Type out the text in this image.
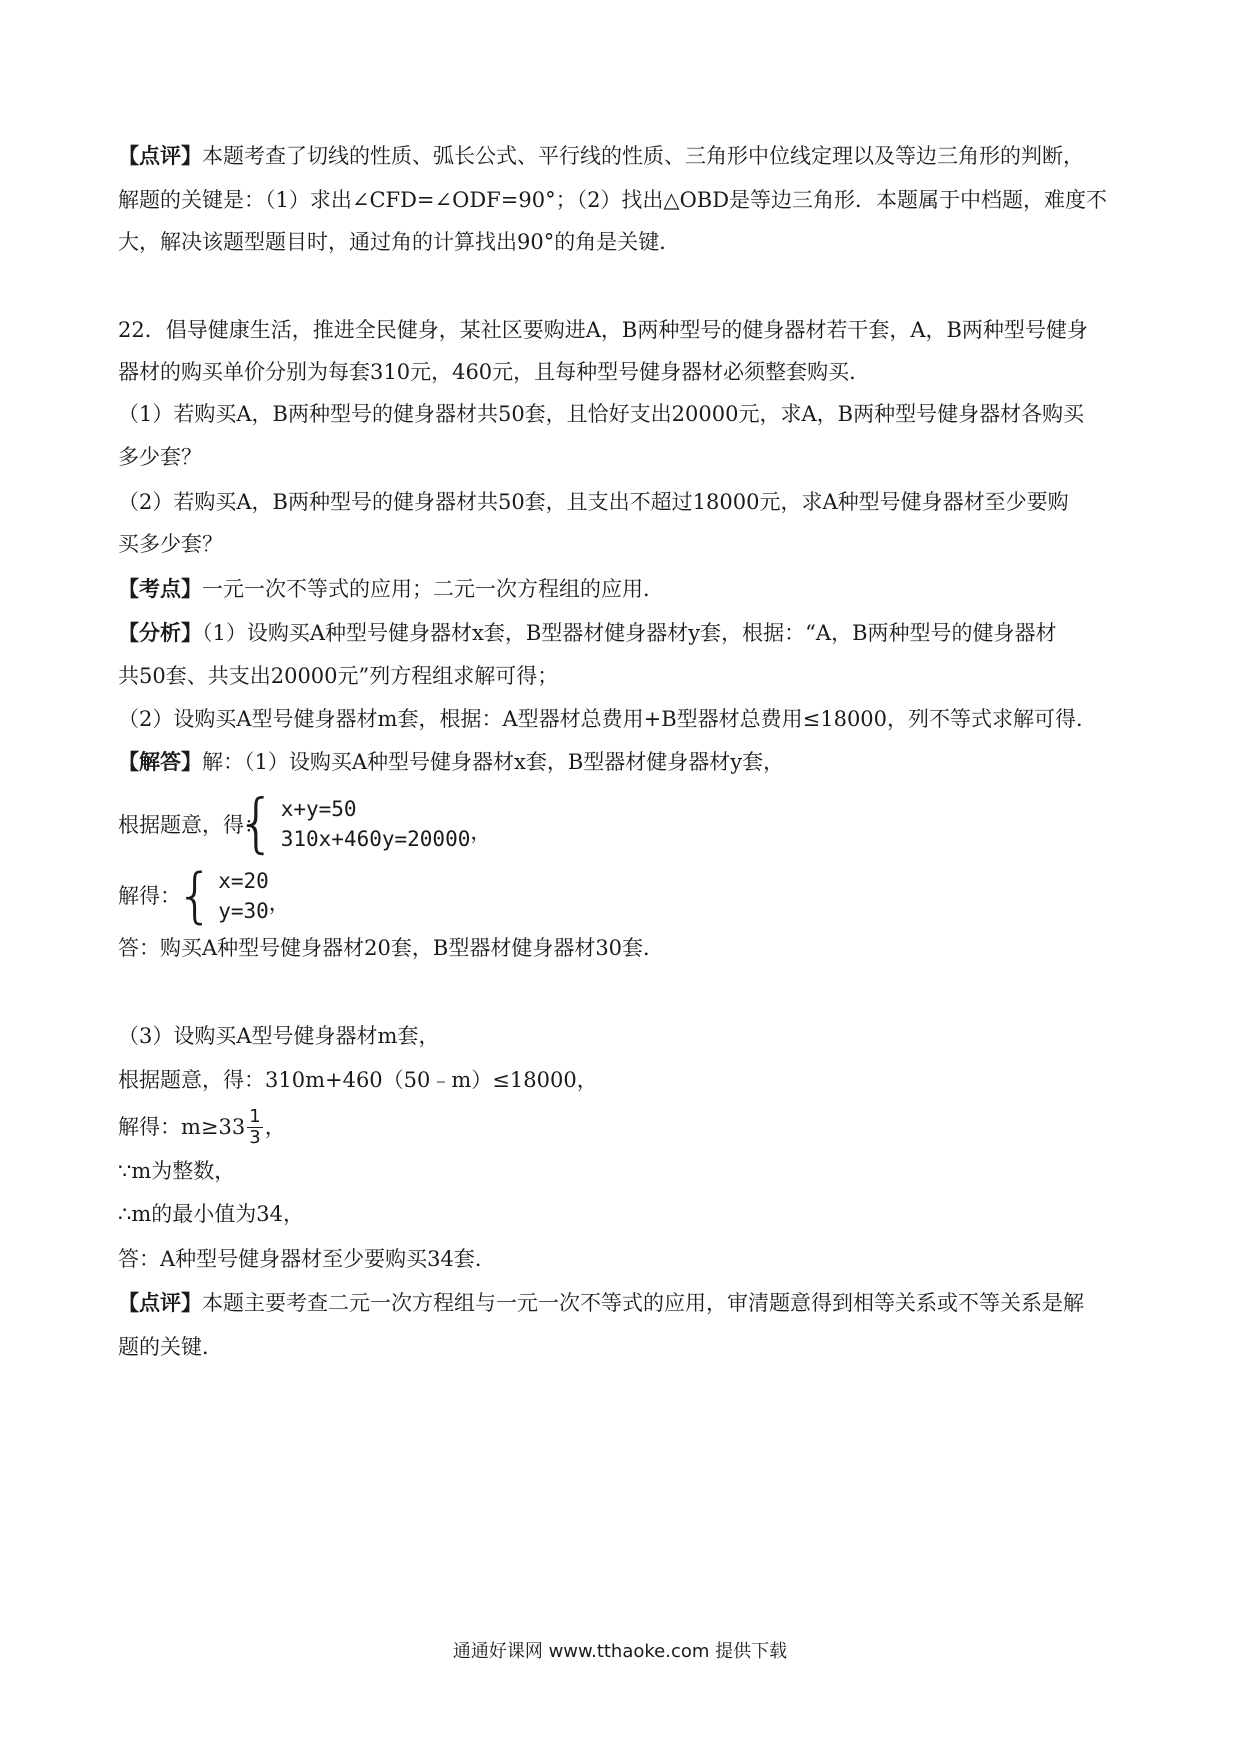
【点评】本题考查了切线的性质、弧长公式、平行线的性质、三角形中位线定理以及等边三角形的判断，
解题的关键是：（1）求出∠CFD=∠ODF=90°；（2）找出△OBD是等边三角形．本题属于中档题，难度不
大，解决该题型题目时，通过角的计算找出90°的角是关键．
22．倡导健康生活，推进全民健身，某社区要购进A，B两种型号的健身器材若干套，A，B两种型号健身
器材的购买单价分别为每套310元，460元，且每种型号健身器材必须整套购买．
（1）若购买A，B两种型号的健身器材共50套，且恰好支出20000元，求A，B两种型号健身器材各购买
多少套？
（2）若购买A，B两种型号的健身器材共50套，且支出不超过18000元，求A种型号健身器材至少要购
买多少套？
【考点】一元一次不等式的应用；二元一次方程组的应用．
【分析】（1）设购买A种型号健身器材x套，B型器材健身器材y套，根据：“A，B两种型号的健身器材
共50套、共支出20000元”列方程组求解可得；
（2）设购买A型号健身器材m套，根据：A型器材总费用+B型器材总费用≤18000，列不等式求解可得．
【解答】解：（1）设购买A种型号健身器材x套，B型器材健身器材y套，
根据题意，得：
{ x+y=50
310x+460y=20000 ，
解得：
{ x=20
y=30 ，
答：购买A种型号健身器材20套，B型器材健身器材30套．
（3）设购买A型号健身器材m套，
根据题意，得：310m+460（50﹣m）≤18000，
解得：$m\ge 33 \frac{1}{3}$ ，
∵m为整数，
∴m的最小值为34，
答：A种型号健身器材至少要购买34套．
【点评】本题主要考查二元一次方程组与一元一次不等式的应用，审清题意得到相等关系或不等关系是解
题的关键．
通通好课网 www.tthaoke.com 提供下载
